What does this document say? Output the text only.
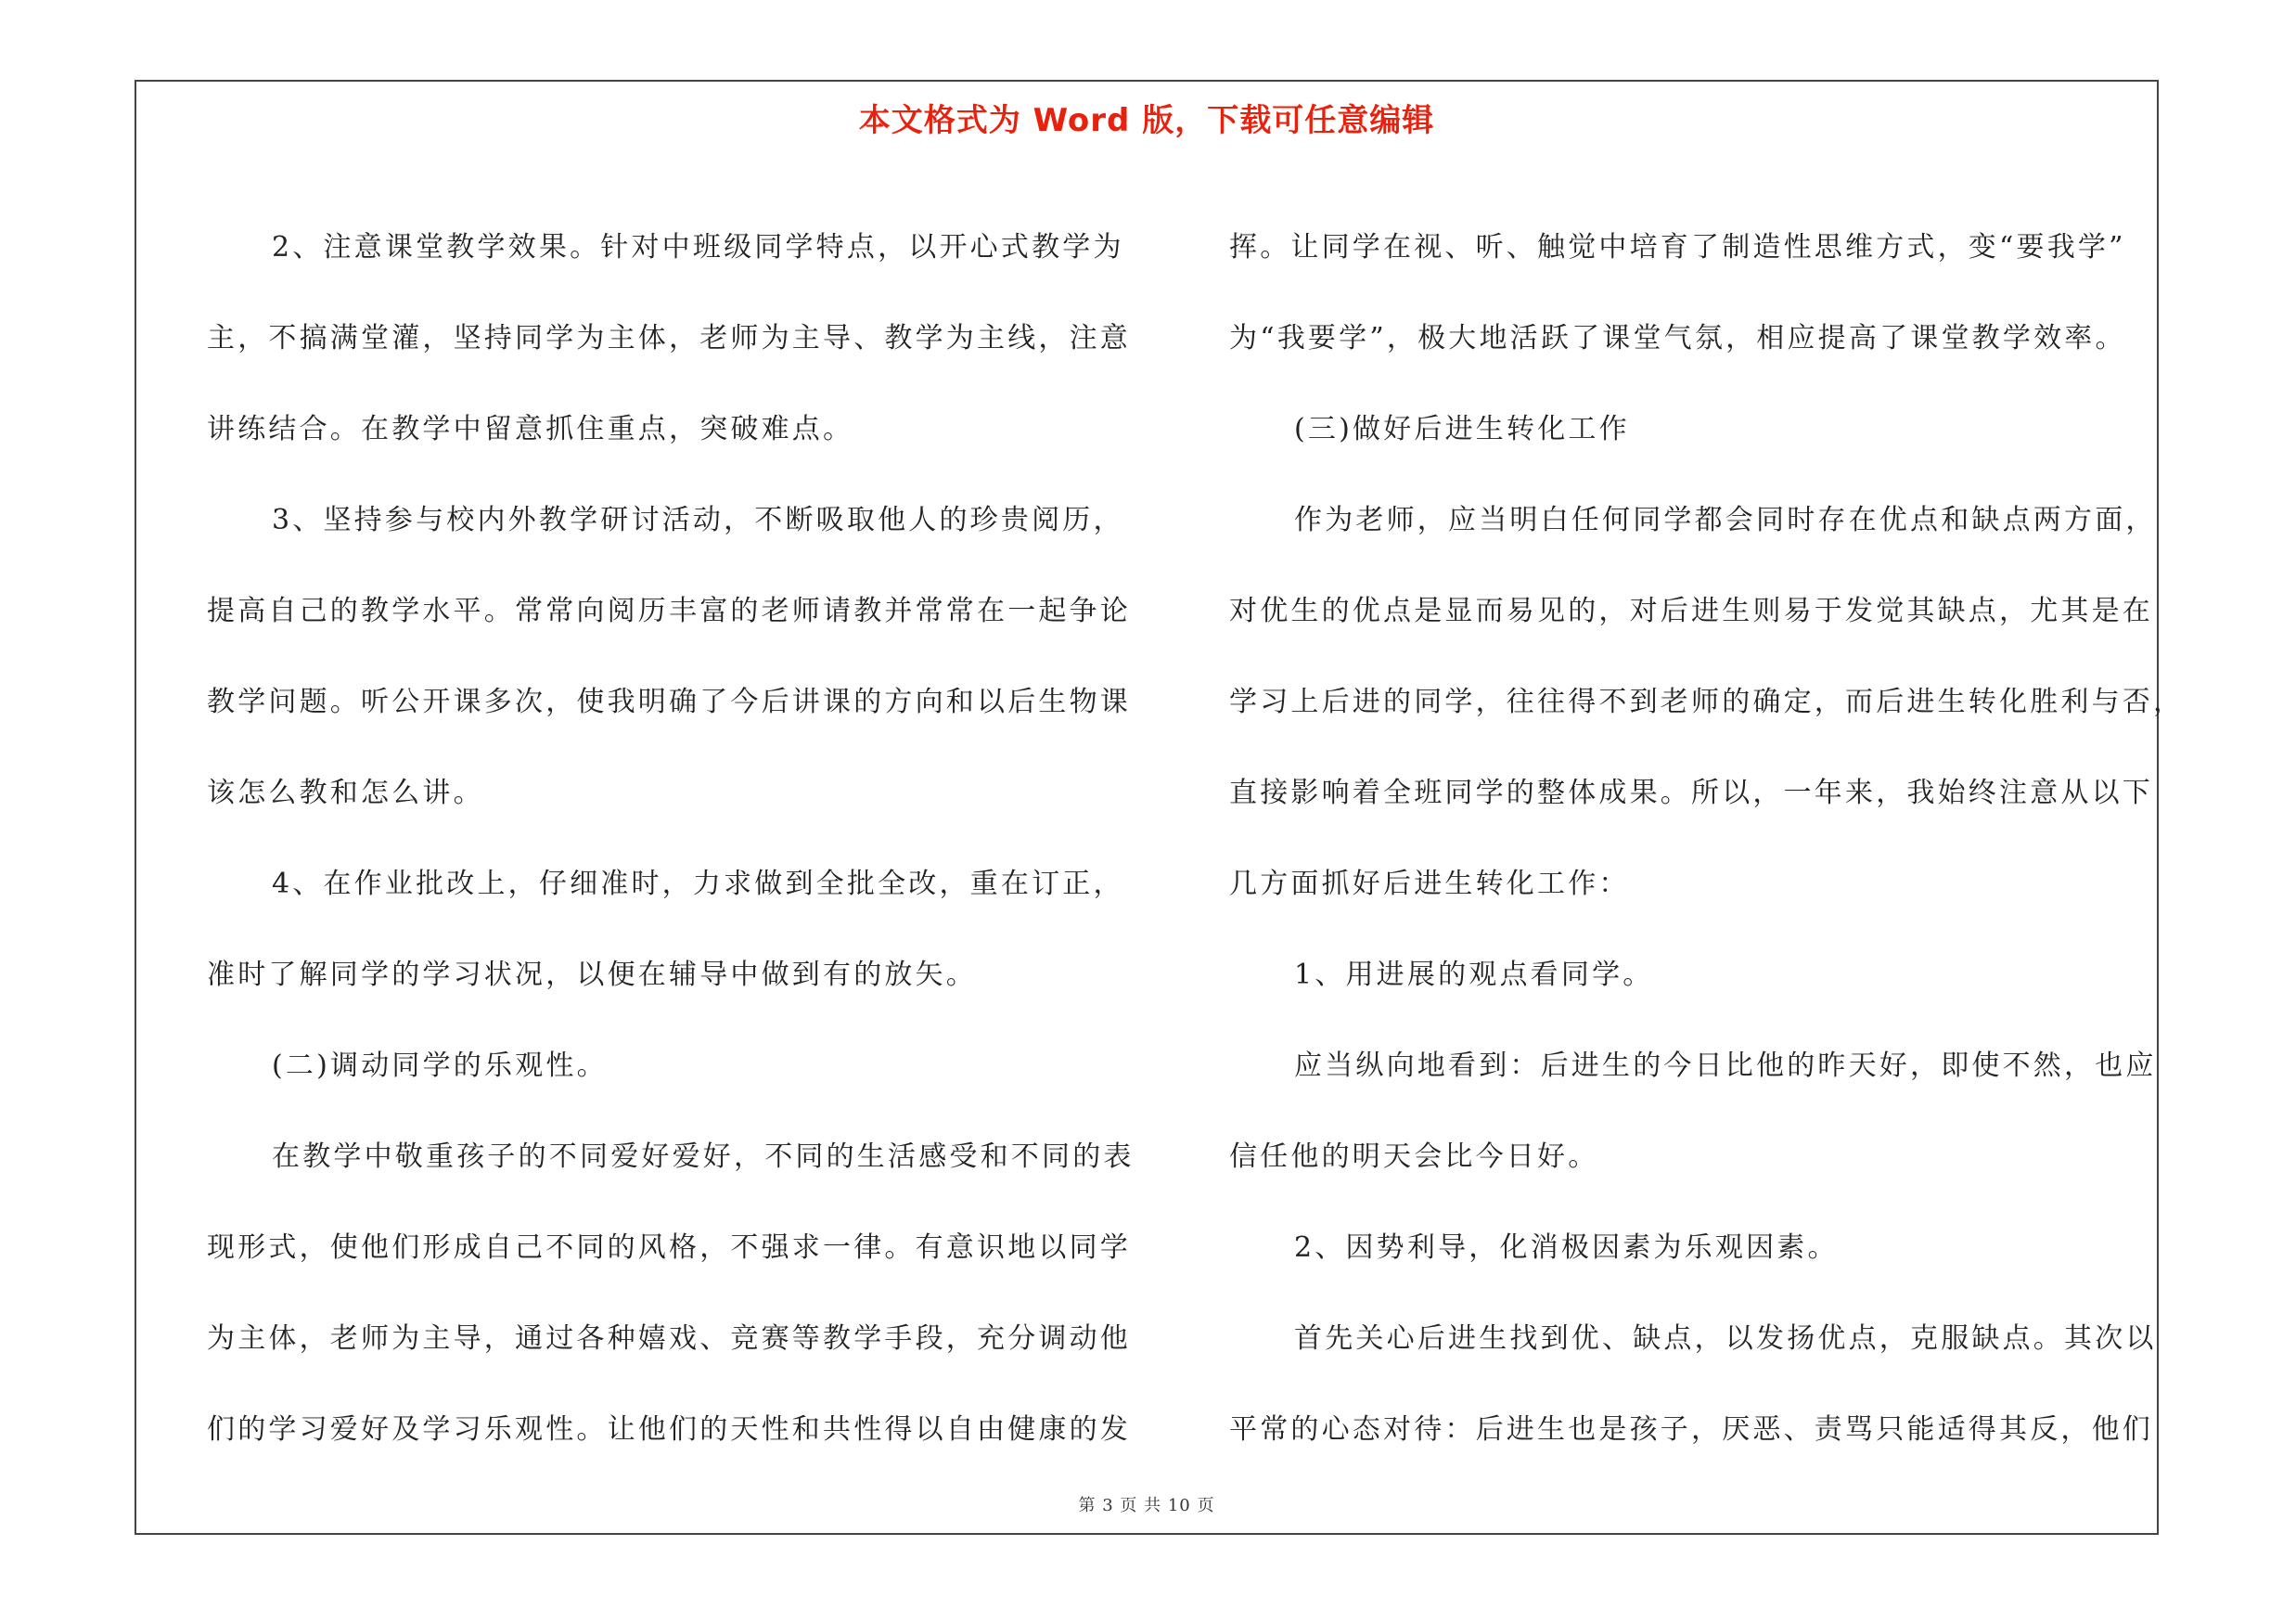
本文格式为 Word 版，下载可任意编辑
2、注意课堂教学效果。针对中班级同学特点，以开心式教学为
主，不搞满堂灌，坚持同学为主体，老师为主导、教学为主线，注意
讲练结合。在教学中留意抓住重点，突破难点。
3、坚持参与校内外教学研讨活动，不断吸取他人的珍贵阅历，
提高自己的教学水平。常常向阅历丰富的老师请教并常常在一起争论
教学问题。听公开课多次，使我明确了今后讲课的方向和以后生物课
该怎么教和怎么讲。
4、在作业批改上，仔细准时，力求做到全批全改，重在订正，
准时了解同学的学习状况，以便在辅导中做到有的放矢。
(二)调动同学的乐观性。
在教学中敬重孩子的不同爱好爱好，不同的生活感受和不同的表
现形式，使他们形成自己不同的风格，不强求一律。有意识地以同学
为主体，老师为主导，通过各种嬉戏、竞赛等教学手段，充分调动他
们的学习爱好及学习乐观性。让他们的天性和共性得以自由健康的发
挥。让同学在视、听、触觉中培育了制造性思维方式，变“要我学”
为“我要学”，极大地活跃了课堂气氛，相应提高了课堂教学效率。
(三)做好后进生转化工作
作为老师，应当明白任何同学都会同时存在优点和缺点两方面，
对优生的优点是显而易见的，对后进生则易于发觉其缺点，尤其是在
学习上后进的同学，往往得不到老师的确定，而后进生转化胜利与否，
直接影响着全班同学的整体成果。所以，一年来，我始终注意从以下
几方面抓好后进生转化工作：
1、用进展的观点看同学。
应当纵向地看到：后进生的今日比他的昨天好，即使不然，也应
信任他的明天会比今日好。
2、因势利导，化消极因素为乐观因素。
首先关心后进生找到优、缺点，以发扬优点，克服缺点。其次以
平常的心态对待：后进生也是孩子，厌恶、责骂只能适得其反，他们
第 3 页 共 10 页
